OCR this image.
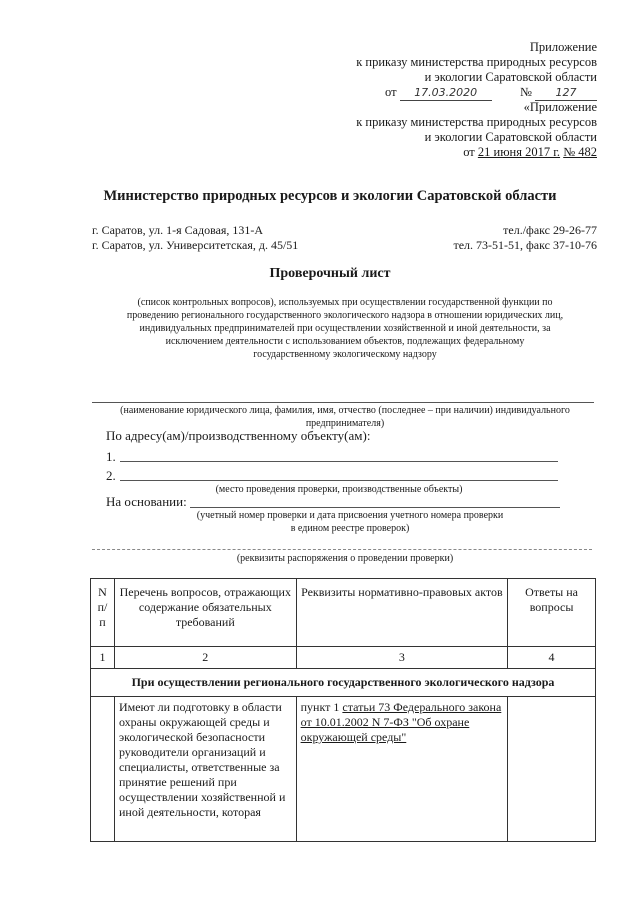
Приложение
к приказу министерства природных ресурсов
и экологии Саратовской области
от 17.03.2020	№ 127
«Приложение
к приказу министерства природных ресурсов
и экологии Саратовской области
от 21 июня 2017 г. № 482
Министерство природных ресурсов и экологии Саратовской области
г. Саратов, ул. 1-я Садовая, 131-А	тел./факс 29-26-77
г. Саратов, ул. Университетская, д. 45/51	тел. 73-51-51, факс 37-10-76
Проверочный лист
(список контрольных вопросов), используемых при осуществлении государственной функции по
проведению регионального государственного экологического надзора в отношении юридических лиц,
индивидуальных предпринимателей при осуществлении хозяйственной и иной деятельности, за
исключением деятельности с использованием объектов, подлежащих федеральному
государственному экологическому надзору
(наименование юридического лица, фамилия, имя, отчество (последнее – при наличии) индивидуального
предпринимателя)
По адресу(ам)/производственному объекту(ам):
1.
2.
(место проведения проверки, производственные объекты)
На основании:
(учетный номер проверки и дата присвоения учетного номера проверки
в едином реестре проверок)
(реквизиты распоряжения о проведении проверки)
N п/п	Перечень вопросов, отражающих содержание обязательных требований	Реквизиты нормативно-правовых актов	Ответы на вопросы
1	2	3	4
При осуществлении регионального государственного экологического надзора			
	Имеют ли подготовку в области охраны окружающей среды и экологической безопасности руководители организаций и специалисты, ответственные за принятие решений при осуществлении хозяйственной и иной деятельности, которая	пункт 1 статьи 73 Федерального закона от 10.01.2002 N 7-ФЗ "Об охране окружающей среды"	
